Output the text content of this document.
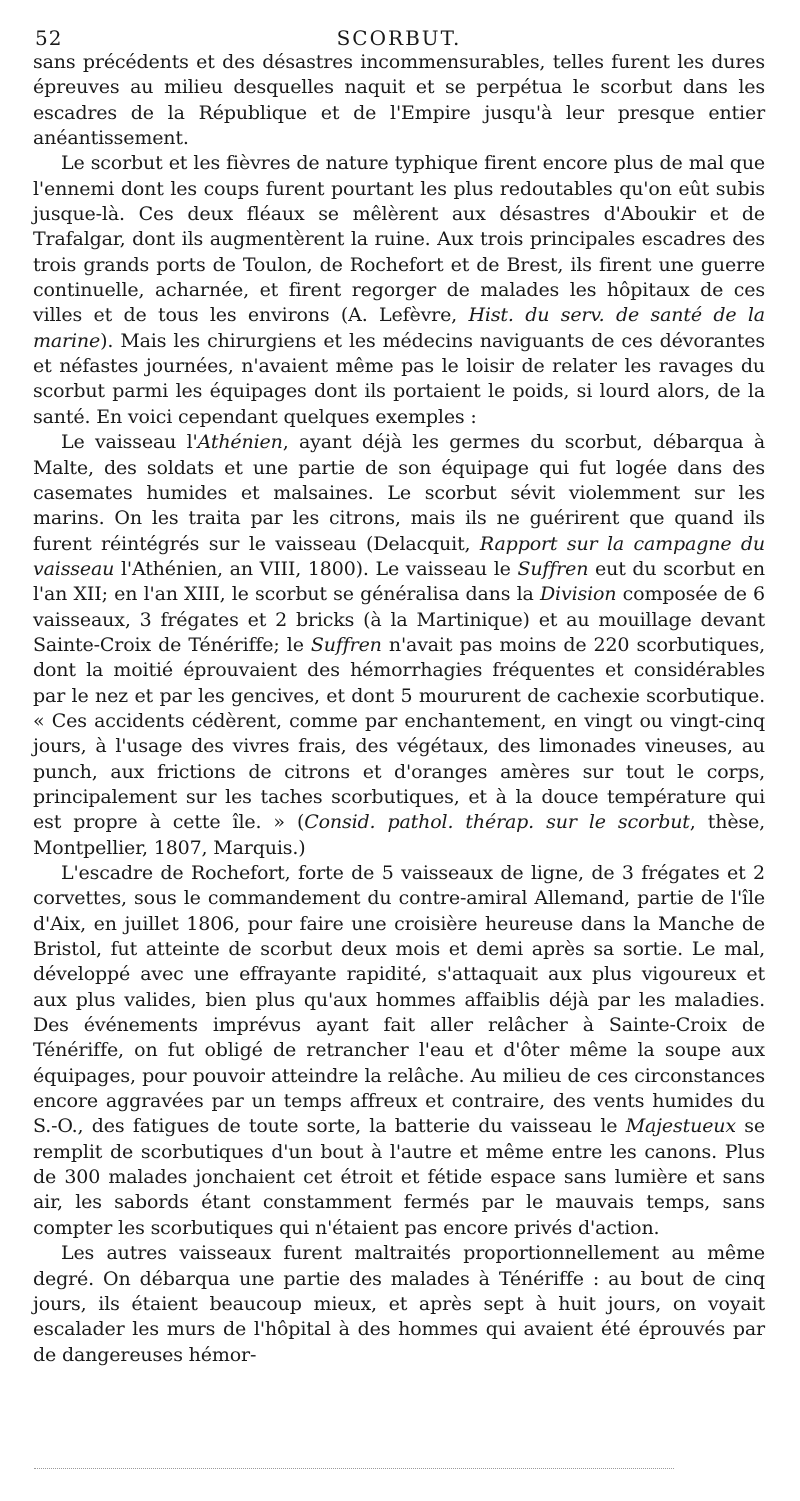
52	SCORBUT.

sans précédents et des désastres incommensurables, telles furent les dures épreuves au milieu desquelles naquit et se perpétua le scorbut dans les escadres de la République et de l'Empire jusqu'à leur presque entier anéantissement.

Le scorbut et les fièvres de nature typhique firent encore plus de mal que l'ennemi dont les coups furent pourtant les plus redoutables qu'on eût subis jusque-là. Ces deux fléaux se mêlèrent aux désastres d'Aboukir et de Trafalgar, dont ils augmentèrent la ruine. Aux trois principales escadres des trois grands ports de Toulon, de Rochefort et de Brest, ils firent une guerre continuelle, acharnée, et firent regorger de malades les hôpitaux de ces villes et de tous les environs (A. Lefèvre, Hist. du serv. de santé de la marine). Mais les chirurgiens et les médecins naviguants de ces dévorantes et néfastes journées, n'avaient même pas le loisir de relater les ravages du scorbut parmi les équipages dont ils portaient le poids, si lourd alors, de la santé. En voici cependant quelques exemples :

Le vaisseau l'Athénien, ayant déjà les germes du scorbut, débarqua à Malte, des soldats et une partie de son équipage qui fut logée dans des casemates humides et malsaines. Le scorbut sévit violemment sur les marins. On les traita par les citrons, mais ils ne guérirent que quand ils furent réintégrés sur le vaisseau (Delacquit, Rapport sur la campagne du vaisseau l'Athénien, an VIII, 1800). Le vaisseau le Suffren eut du scorbut en l'an XII; en l'an XIII, le scorbut se généralisa dans la Division composée de 6 vaisseaux, 3 frégates et 2 bricks (à la Martinique) et au mouillage devant Sainte-Croix de Ténériffe; le Suffren n'avait pas moins de 220 scorbutiques, dont la moitié éprouvaient des hémorrhagies fréquentes et considérables par le nez et par les gencives, et dont 5 moururent de cachexie scorbutique. « Ces accidents cédèrent, comme par enchantement, en vingt ou vingt-cinq jours, à l'usage des vivres frais, des végétaux, des limonades vineuses, au punch, aux frictions de citrons et d'oranges amères sur tout le corps, principalement sur les taches scorbutiques, et à la douce température qui est propre à cette île. » (Consid. pathol. thérap. sur le scorbut, thèse, Montpellier, 1807, Marquis.)

L'escadre de Rochefort, forte de 5 vaisseaux de ligne, de 3 frégates et 2 corvettes, sous le commandement du contre-amiral Allemand, partie de l'île d'Aix, en juillet 1806, pour faire une croisière heureuse dans la Manche de Bristol, fut atteinte de scorbut deux mois et demi après sa sortie. Le mal, développé avec une effrayante rapidité, s'attaquait aux plus vigoureux et aux plus valides, bien plus qu'aux hommes affaiblis déjà par les maladies. Des événements imprévus ayant fait aller relâcher à Sainte-Croix de Ténériffe, on fut obligé de retrancher l'eau et d'ôter même la soupe aux équipages, pour pouvoir atteindre la relâche. Au milieu de ces circonstances encore aggravées par un temps affreux et contraire, des vents humides du S.-O., des fatigues de toute sorte, la batterie du vaisseau le Majestueux se remplit de scorbutiques d'un bout à l'autre et même entre les canons. Plus de 300 malades jonchaient cet étroit et fétide espace sans lumière et sans air, les sabords étant constamment fermés par le mauvais temps, sans compter les scorbutiques qui n'étaient pas encore privés d'action.

Les autres vaisseaux furent maltraités proportionnellement au même degré. On débarqua une partie des malades à Ténériffe : au bout de cinq jours, ils étaient beaucoup mieux, et après sept à huit jours, on voyait escalader les murs de l'hôpital à des hommes qui avaient été éprouvés par de dangereuses hémor-
